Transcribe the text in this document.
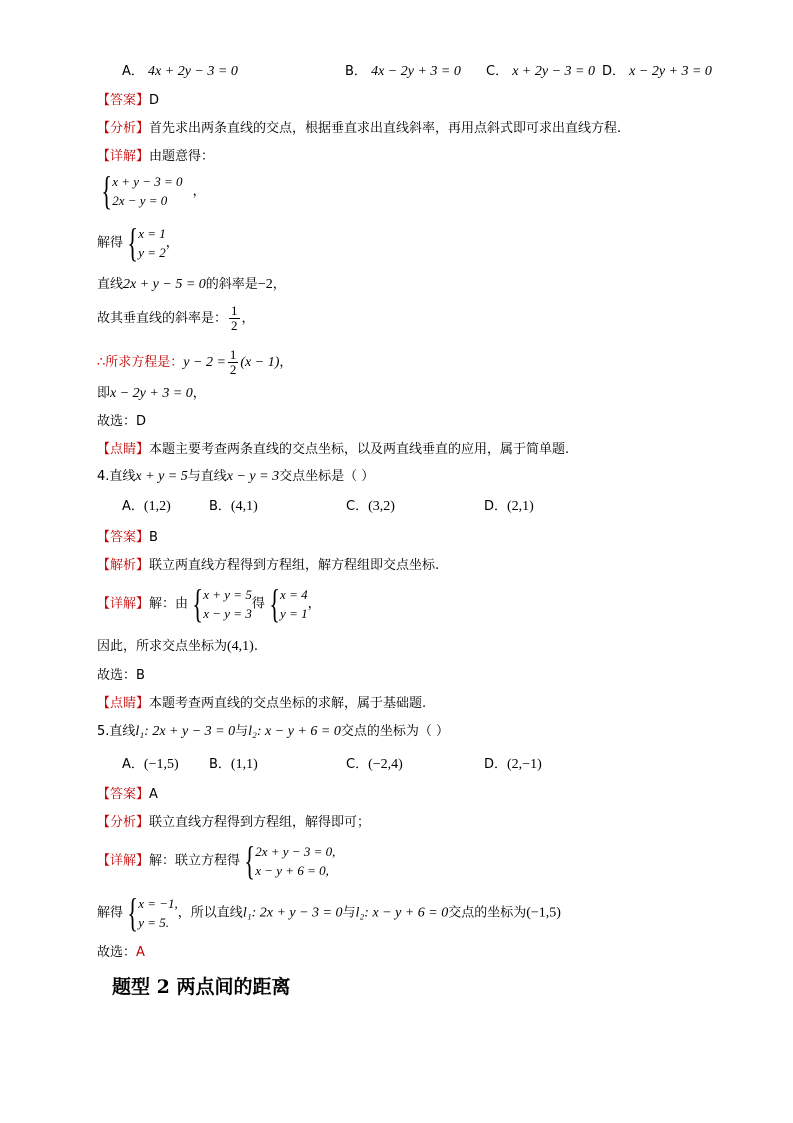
A． 4x + 2y − 3 = 0	B． 4x − 2y + 3 = 0 C． x + 2y − 3 = 0 D． x − 2y + 3 = 0
【答案】D
【分析】首先求出两条直线的交点，根据垂直求出直线斜率，再用点斜式即可求出直线方程.
【详解】由题意得：
{ x + y − 3 = 0
2x − y = 0
，
解得 { x = 1
y = 2
，
直线2x + y − 5 = 0的斜率是−2，
故其垂直线的斜率是： $\frac{1}{2}$ ，
∴所求方程是：$y - 2 = \frac{1}{2} (x - 1)$，
即x − 2y + 3 = 0，
故选：D
【点睛】本题主要考查两条直线的交点坐标，以及两直线垂直的应用，属于简单题.
4.直线x + y = 5与直线x − y = 3交点坐标是（ ）
A．(1,2)	B．(4,1)	C．(3,2)	D．(2,1)
【答案】B
【解析】联立两直线方程得到方程组，解方程组即交点坐标.
【详解】解：由 { x + y = 5
x − y = 3
得 { x = 4
y = 1
，
因此，所求交点坐标为(4,1).
故选：B
【点睛】本题考查两直线的交点坐标的求解，属于基础题.
5.直线l₁: 2x + y − 3 = 0与l₂: x − y + 6 = 0交点的坐标为（ ）
A．(−1,5) B．(1,1)	C．(−2,4)	D．(2,−1)
【答案】A
【分析】联立直线方程得到方程组，解得即可；
【详解】解：联立方程得 { 2x + y − 3 = 0,
x − y + 6 = 0,
解得 { x = −1,
y = 5.
，所以直线l₁: 2x + y − 3 = 0与l₂: x − y + 6 = 0交点的坐标为(−1,5)
故选：A
题型 2 两点间的距离
